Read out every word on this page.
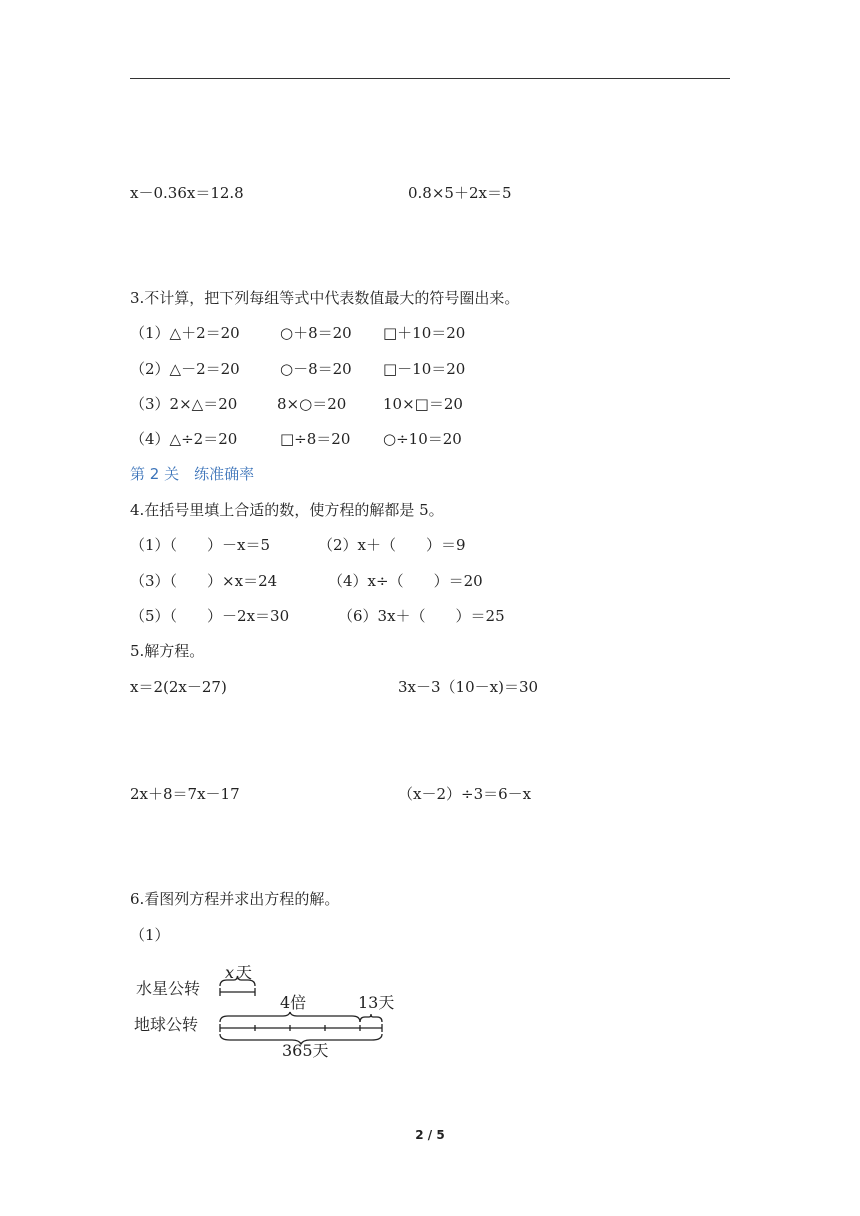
x－0.36x＝12.8	0.8×5＋2x＝5
3.不计算，把下列每组等式中代表数值最大的符号圈出来。
（1）△＋2＝20	○＋8＝20 □＋10＝20
（2）△－2＝20	○－8＝20 □－10＝20
（3）2×△＝20	8×○＝20 10×□＝20
（4）△÷2＝20	□÷8＝20 ○÷10＝20
第 2 关　练准确率
4.在括号里填上合适的数，使方程的解都是 5。
（1）（　　）－x＝5	（2）x＋（　　）＝9
（3）（　　）×x＝24	（4）x÷（　　）＝20
（5）（　　）－2x＝30	（6）3x＋（　　）＝25
5.解方程。
x＝2(2x－27)	3x－3（10－x)＝30
2x＋8＝7x－17	（x－2）÷3＝6－x
6.看图列方程并求出方程的解。
（1）
水星公转
地球公转
x 天
4倍	13天
365天
2 / 5
